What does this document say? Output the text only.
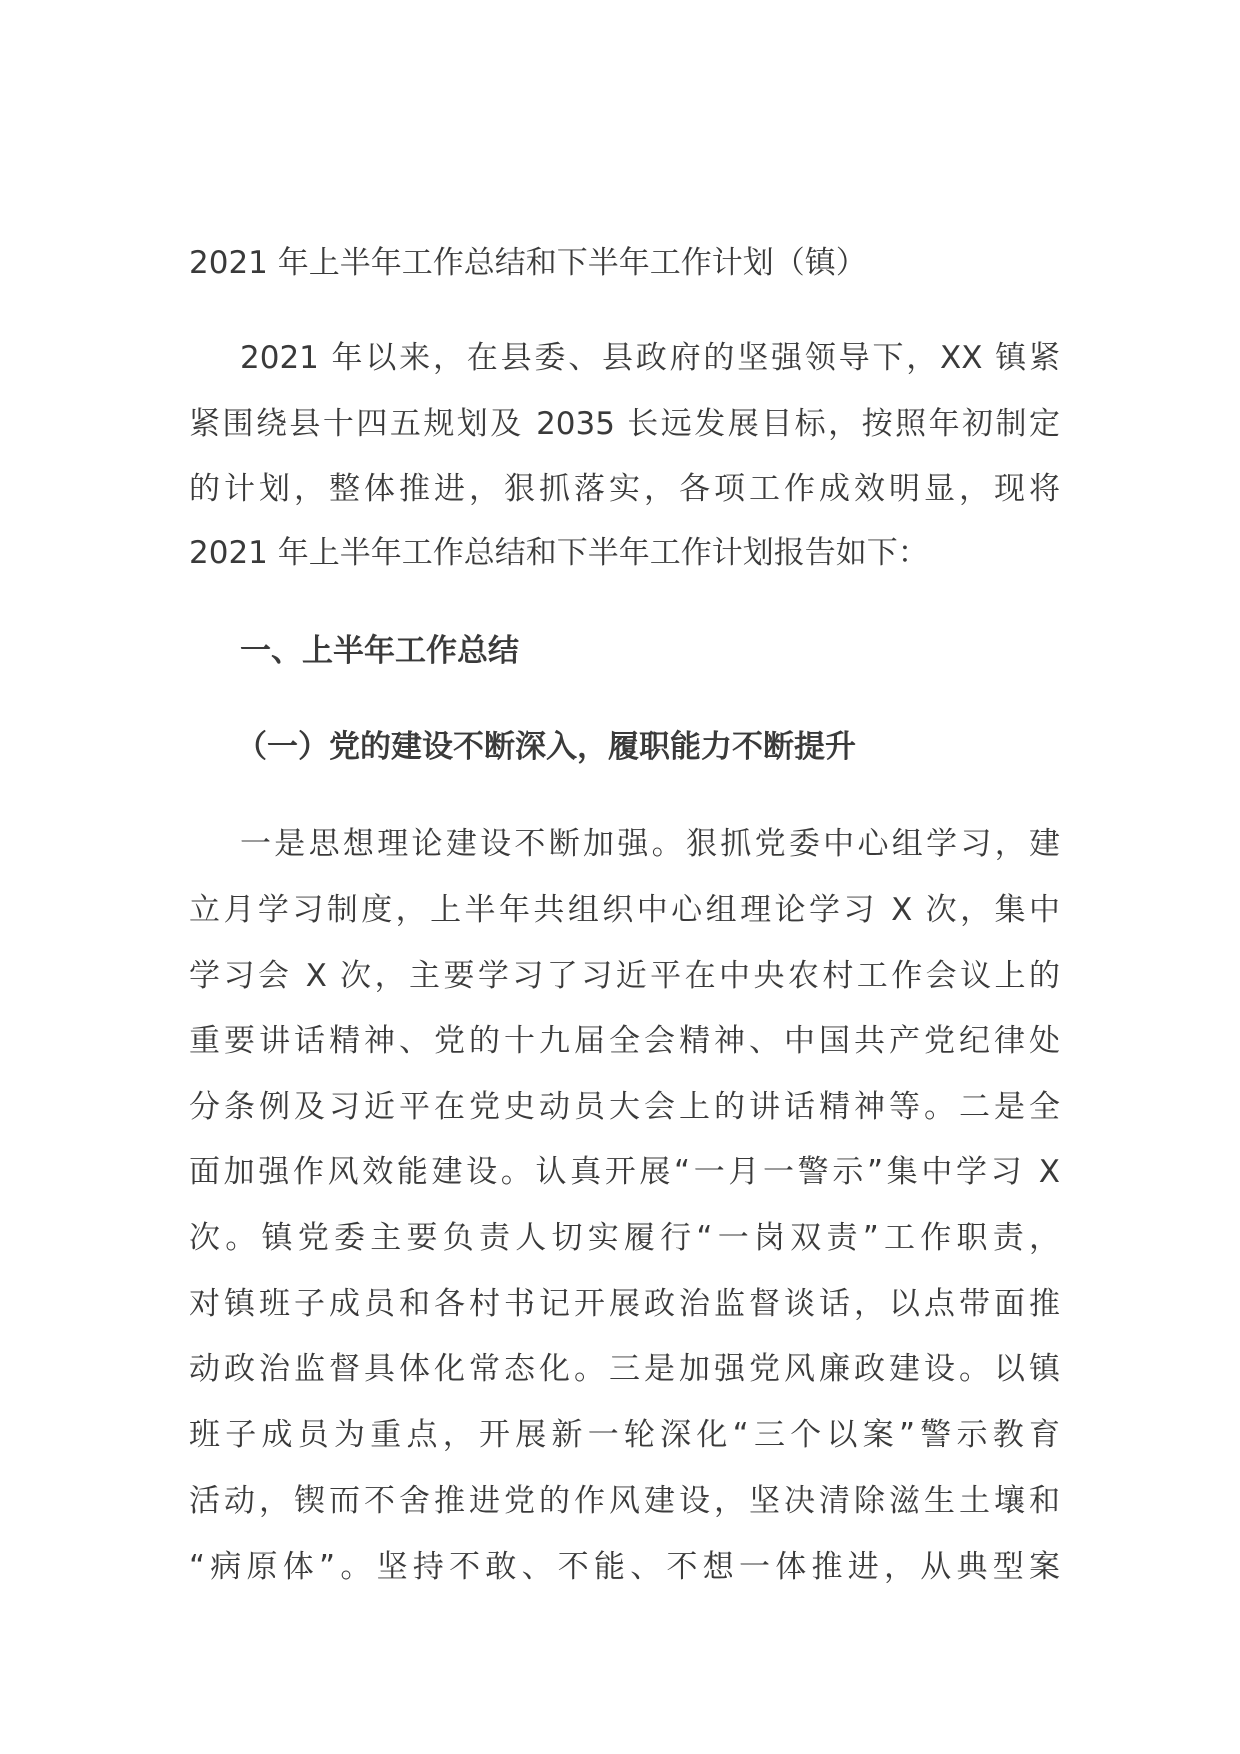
2021 年上半年工作总结和下半年工作计划（镇）
2021 年以来，在县委、县政府的坚强领导下，XX 镇紧
紧围绕县十四五规划及 2035 长远发展目标，按照年初制定
的计划，整体推进，狠抓落实，各项工作成效明显，现将
2021 年上半年工作总结和下半年工作计划报告如下：
一、上半年工作总结
（一）党的建设不断深入，履职能力不断提升
一是思想理论建设不断加强。狠抓党委中心组学习，建
立月学习制度，上半年共组织中心组理论学习 X 次，集中
学习会 X 次，主要学习了习近平在中央农村工作会议上的
重要讲话精神、党的十九届全会精神、中国共产党纪律处
分条例及习近平在党史动员大会上的讲话精神等。二是全
面加强作风效能建设。认真开展“一月一警示”集中学习 X
次。镇党委主要负责人切实履行“一岗双责”工作职责，
对镇班子成员和各村书记开展政治监督谈话，以点带面推
动政治监督具体化常态化。三是加强党风廉政建设。以镇
班子成员为重点，开展新一轮深化“三个以案”警示教育
活动，锲而不舍推进党的作风建设，坚决清除滋生土壤和
“病原体”。坚持不敢、不能、不想一体推进，从典型案
